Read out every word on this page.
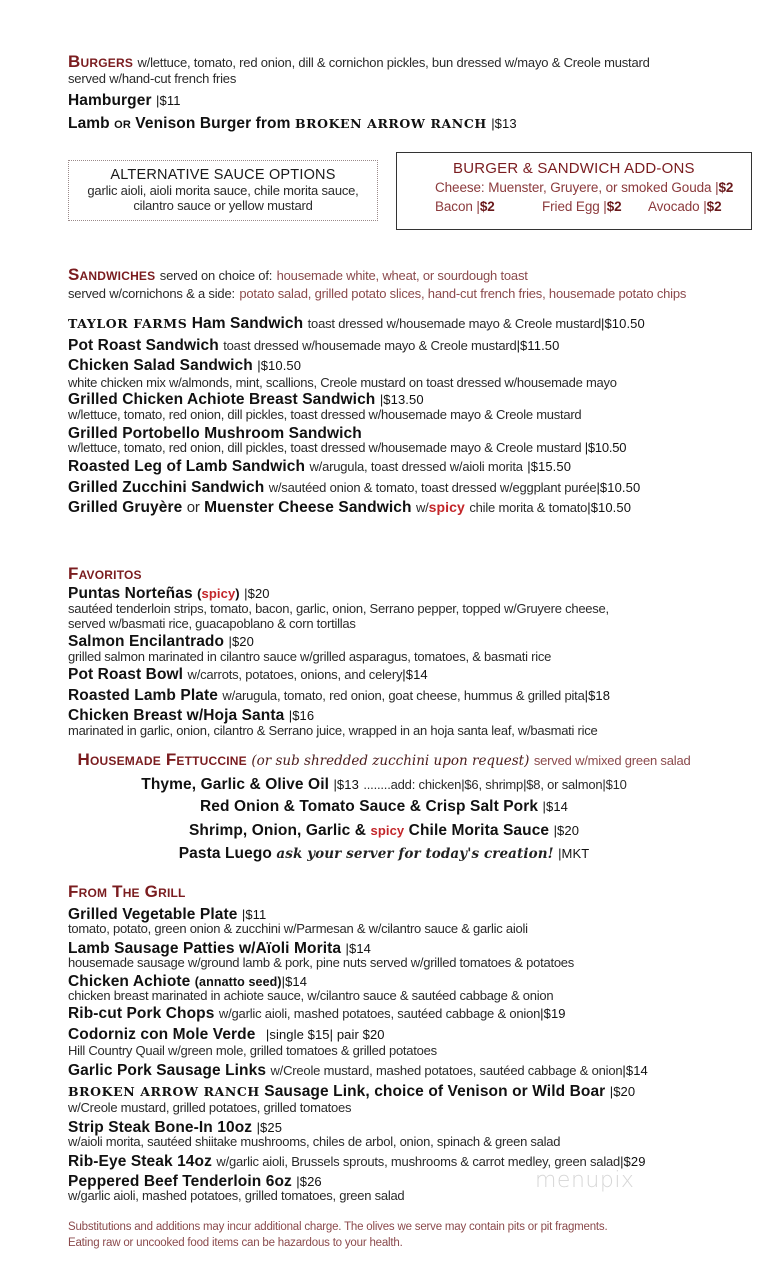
Burgers w/lettuce, tomato, red onion, dill & cornichon pickles, bun dressed w/mayo & Creole mustard
served w/hand-cut french fries
Hamburger |$11
Lamb or Venison Burger from BROKEN ARROW RANCH |$13
ALTERNATIVE SAUCE OPTIONS
garlic aioli, aioli morita sauce, chile morita sauce,
cilantro sauce or yellow mustard
BURGER & SANDWICH ADD-ONS
Cheese: Muenster, Gruyere, or smoked Gouda |$2
Bacon |$2	Fried Egg |$2 Avocado |$2
Sandwiches served on choice of: housemade white, wheat, or sourdough toast
served w/cornichons & a side: potato salad, grilled potato slices, hand-cut french fries, housemade potato chips
TAYLOR FARMS Ham Sandwich toast dressed w/housemade mayo & Creole mustard|$10.50
Pot Roast Sandwich toast dressed w/housemade mayo & Creole mustard|$11.50
Chicken Salad Sandwich |$10.50
white chicken mix w/almonds, mint, scallions, Creole mustard on toast dressed w/housemade mayo
Grilled Chicken Achiote Breast Sandwich |$13.50
w/lettuce, tomato, red onion, dill pickles, toast dressed w/housemade mayo & Creole mustard
Grilled Portobello Mushroom Sandwich
w/lettuce, tomato, red onion, dill pickles, toast dressed w/housemade mayo & Creole mustard |$10.50
Roasted Leg of Lamb Sandwich w/arugula, toast dressed w/aioli morita |$15.50
Grilled Zucchini Sandwich w/sautéed onion & tomato, toast dressed w/eggplant purée|$10.50
Grilled Gruyère or Muenster Cheese Sandwich w/spicy chile morita & tomato|$10.50
Favoritos
Puntas Norteñas (spicy) |$20
sautéed tenderloin strips, tomato, bacon, garlic, onion, Serrano pepper, topped w/Gruyere cheese,
served w/basmati rice, guacapoblano & corn tortillas
Salmon Encilantrado |$20
grilled salmon marinated in cilantro sauce w/grilled asparagus, tomatoes, & basmati rice
Pot Roast Bowl w/carrots, potatoes, onions, and celery|$14
Roasted Lamb Plate w/arugula, tomato, red onion, goat cheese, hummus & grilled pita|$18
Chicken Breast w/Hoja Santa |$16
marinated in garlic, onion, cilantro & Serrano juice, wrapped in an hoja santa leaf, w/basmati rice
Housemade Fettuccine (or sub shredded zucchini upon request) served w/mixed green salad
Thyme, Garlic & Olive Oil |$13 ........add: chicken|$6, shrimp|$8, or salmon|$10
Red Onion & Tomato Sauce & Crisp Salt Pork |$14
Shrimp, Onion, Garlic & spicy Chile Morita Sauce |$20
Pasta Luego ask your server for today's creation! |MKT
From The Grill
Grilled Vegetable Plate |$11
tomato, potato, green onion & zucchini w/Parmesan & w/cilantro sauce & garlic aioli
Lamb Sausage Patties w/Aïoli Morita |$14
housemade sausage w/ground lamb & pork, pine nuts served w/grilled tomatoes & potatoes
Chicken Achiote (annatto seed)|$14
chicken breast marinated in achiote sauce, w/cilantro sauce & sautéed cabbage & onion
Rib-cut Pork Chops w/garlic aioli, mashed potatoes, sautéed cabbage & onion|$19
Codorniz con Mole Verde |single $15| pair $20
Hill Country Quail w/green mole, grilled tomatoes & grilled potatoes
Garlic Pork Sausage Links w/Creole mustard, mashed potatoes, sautéed cabbage & onion|$14
BROKEN ARROW RANCH Sausage Link, choice of Venison or Wild Boar |$20
w/Creole mustard, grilled potatoes, grilled tomatoes
Strip Steak Bone-In 10oz |$25
w/aioli morita, sautéed shiitake mushrooms, chiles de arbol, onion, spinach & green salad
Rib-Eye Steak 14oz w/garlic aioli, Brussels sprouts, mushrooms & carrot medley, green salad|$29
Peppered Beef Tenderloin 6oz |$26
w/garlic aioli, mashed potatoes, grilled tomatoes, green salad
menupix
Substitutions and additions may incur additional charge. The olives we serve may contain pits or pit fragments.
Eating raw or uncooked food items can be hazardous to your health.
